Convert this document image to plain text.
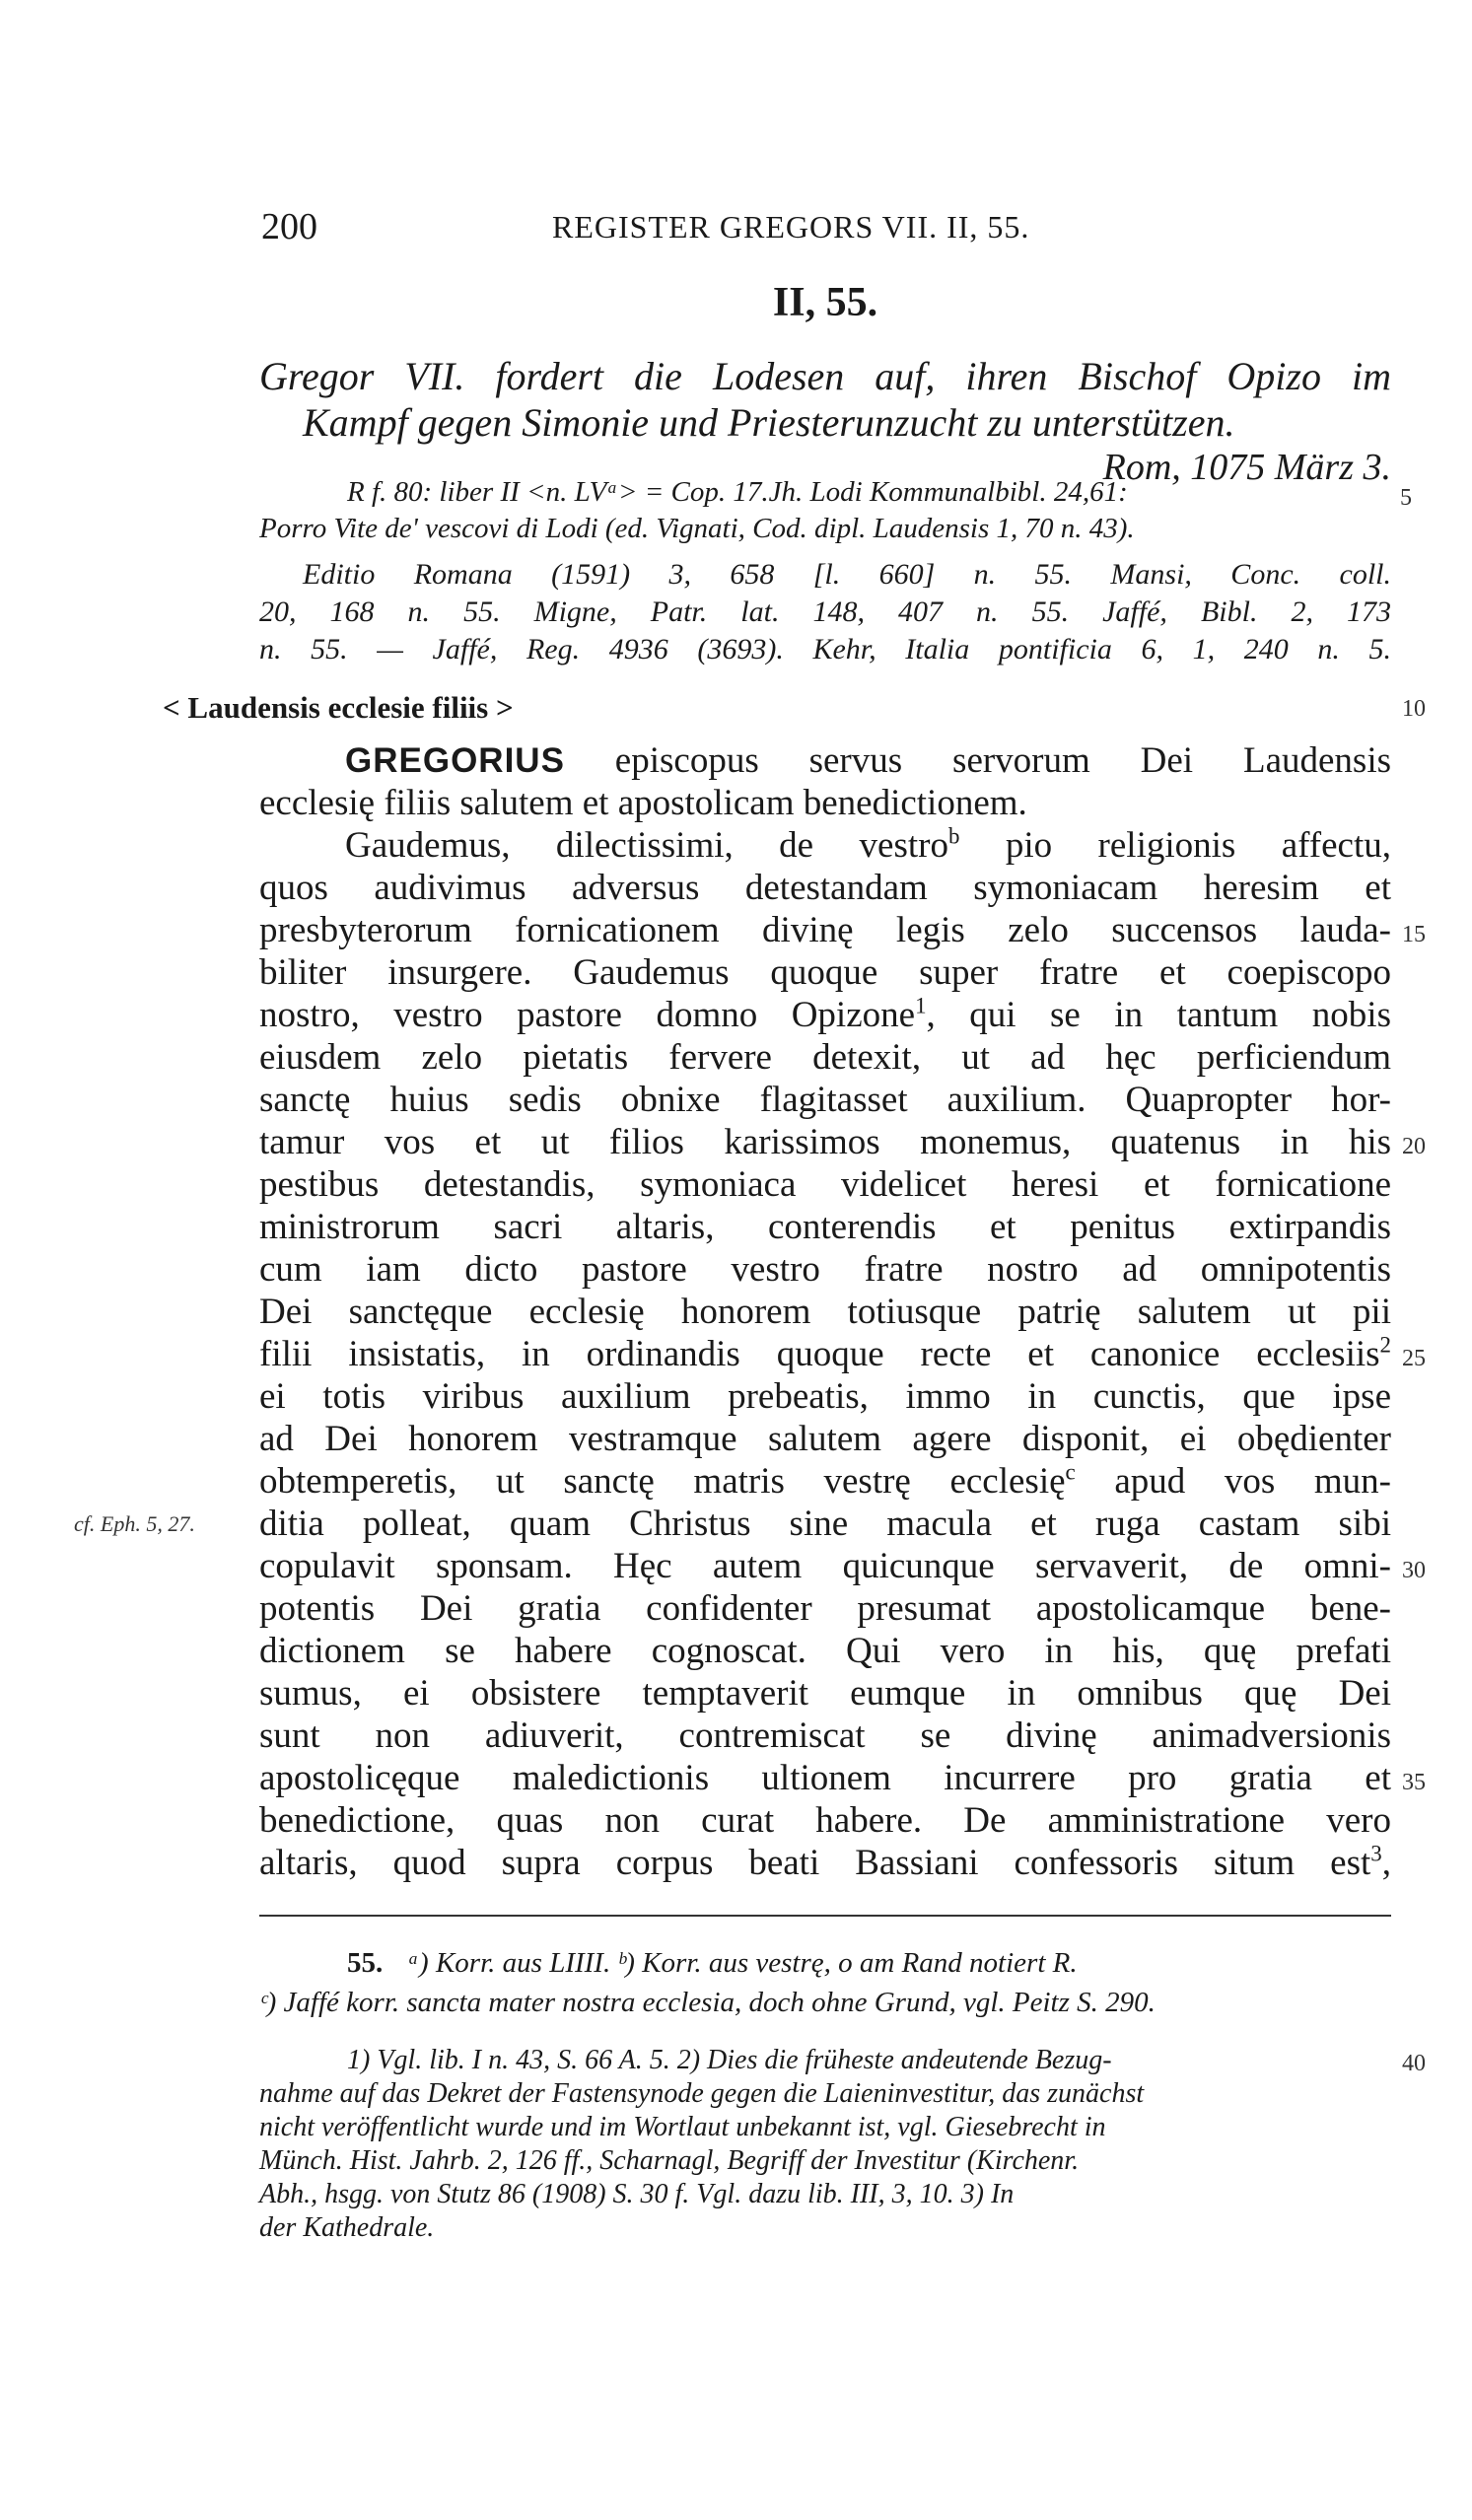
200	REGISTER GREGORS VII. II, 55.
II, 55.
Gregor VII. fordert die Lodesen auf, ihren Bischof Opizo im
Kampf gegen Simonie und Priesterunzucht zu unterstützen.
Rom, 1075 März 3.
R f. 80: liber II <n. LVᵃ> = Cop. 17.Jh. Lodi Kommunalbibl. 24,61:
Porro Vite de' vescovi di Lodi (ed. Vignati, Cod. dipl. Laudensis 1, 70 n. 43).
Editio Romana (1591) 3, 658 [l. 660] n. 55. Mansi, Conc. coll.
20, 168 n. 55. Migne, Patr. lat. 148, 407 n. 55. Jaffé, Bibl. 2, 173
n. 55. — Jaffé, Reg. 4936 (3693). Kehr, Italia pontificia 6, 1, 240 n. 5.
< Laudensis ecclesie filiis >
GREGORIUS episcopus servus servorum Dei Laudensis
ecclesię filiis salutem et apostolicam benedictionem.
Gaudemus, dilectissimi, de vestro$^b$ pio religionis affectu,
quos audivimus adversus detestandam symoniacam heresim et
presbyterorum fornicationem divinę legis zelo succensos lauda-
biliter insurgere. Gaudemus quoque super fratre et coepiscopo
nostro, vestro pastore domno Opizone$^1$, qui se in tantum nobis
eiusdem zelo pietatis fervere detexit, ut ad hęc perficiendum
sanctę huius sedis obnixe flagitasset auxilium. Quapropter hor-
tamur vos et ut filios karissimos monemus, quatenus in his
pestibus detestandis, symoniaca videlicet heresi et fornicatione
ministrorum sacri altaris, conterendis et penitus extirpandis
cum iam dicto pastore vestro fratre nostro ad omnipotentis
Dei sanctęque ecclesię honorem totiusque patrię salutem ut pii
filii insistatis, in ordinandis quoque recte et canonice ecclesiis$^2$
ei totis viribus auxilium prebeatis, immo in cunctis, que ipse
ad Dei honorem vestramque salutem agere disponit, ei obędienter
obtemperetis, ut sanctę matris vestrę ecclesię$^c$ apud vos mun-
ditia polleat, quam Christus sine macula et ruga castam sibi
copulavit sponsam. Hęc autem quicunque servaverit, de omni-
potentis Dei gratia confidenter presumat apostolicamque bene-
dictionem se habere cognoscat. Qui vero in his, quę prefati
sumus, ei obsistere temptaverit eumque in omnibus quę Dei
sunt non adiuverit, contremiscat se divinę animadversionis
apostolicęque maledictionis ultionem incurrere pro gratia et
benedictione, quas non curat habere. De amministratione vero
altaris, quod supra corpus beati Bassiani confessoris situm est$^3$,
cf. Eph. 5, 27.
5
10
15
20
25
30
35
40
55. ᵃ) Korr. aus LIIII. ᵇ) Korr. aus vestrę, o am Rand notiert R.
ᶜ) Jaffé korr. sancta mater nostra ecclesia, doch ohne Grund, vgl. Peitz S. 290.
1) Vgl. lib. I n. 43, S. 66 A. 5. 2) Dies die früheste andeutende Bezug-
nahme auf das Dekret der Fastensynode gegen die Laieninvestitur, das zunächst
nicht veröffentlicht wurde und im Wortlaut unbekannt ist, vgl. Giesebrecht in
Münch. Hist. Jahrb. 2, 126 ff., Scharnagl, Begriff der Investitur (Kirchenr.
Abh., hsgg. von Stutz 86 (1908) S. 30 f. Vgl. dazu lib. III, 3, 10. 3) In
der Kathedrale.
